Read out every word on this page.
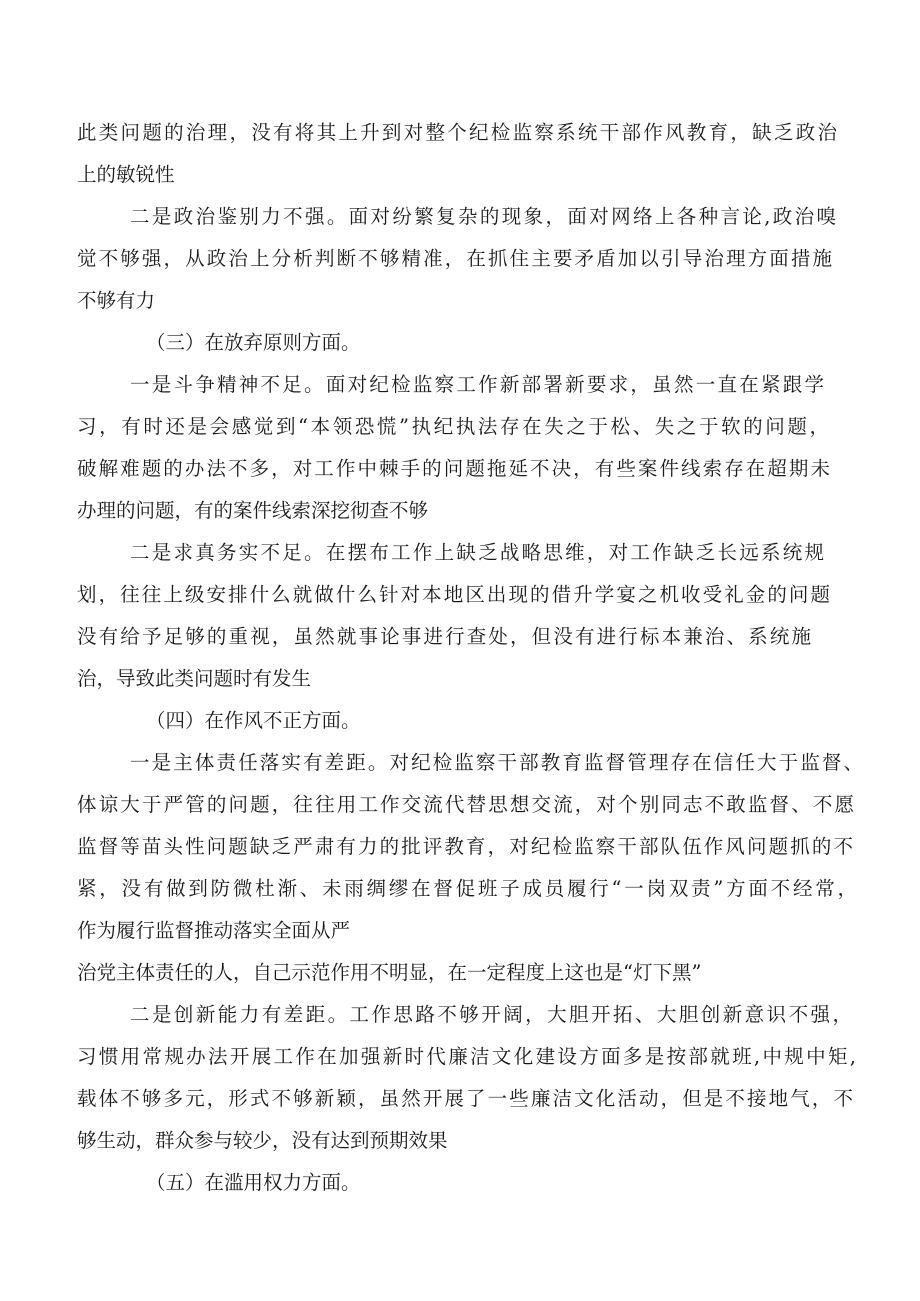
此类问题的治理，没有将其上升到对整个纪检监察系统干部作风教育，缺乏政治
上的敏锐性
二是政治鉴别力不强。面对纷繁复杂的现象，面对网络上各种言论,政治嗅
觉不够强，从政治上分析判断不够精准，在抓住主要矛盾加以引导治理方面措施
不够有力
（三）在放弃原则方面。
一是斗争精神不足。面对纪检监察工作新部署新要求，虽然一直在紧跟学
习，有时还是会感觉到“本领恐慌”执纪执法存在失之于松、失之于软的问题，
破解难题的办法不多，对工作中棘手的问题拖延不决，有些案件线索存在超期未
办理的问题，有的案件线索深挖彻查不够
二是求真务实不足。在摆布工作上缺乏战略思维，对工作缺乏长远系统规
划，往往上级安排什么就做什么针对本地区出现的借升学宴之机收受礼金的问题
没有给予足够的重视，虽然就事论事进行查处，但没有进行标本兼治、系统施
治，导致此类问题时有发生
（四）在作风不正方面。
一是主体责任落实有差距。对纪检监察干部教育监督管理存在信任大于监督、
体谅大于严管的问题，往往用工作交流代替思想交流，对个别同志不敢监督、不愿
监督等苗头性问题缺乏严肃有力的批评教育，对纪检监察干部队伍作风问题抓的不
紧，没有做到防微杜渐、未雨绸缪在督促班子成员履行“一岗双责”方面不经常，
作为履行监督推动落实全面从严
治党主体责任的人，自己示范作用不明显，在一定程度上这也是“灯下黑”
二是创新能力有差距。工作思路不够开阔，大胆开拓、大胆创新意识不强，
习惯用常规办法开展工作在加强新时代廉洁文化建设方面多是按部就班,中规中矩,
载体不够多元，形式不够新颖，虽然开展了一些廉洁文化活动，但是不接地气，不
够生动，群众参与较少，没有达到预期效果
（五）在滥用权力方面。
